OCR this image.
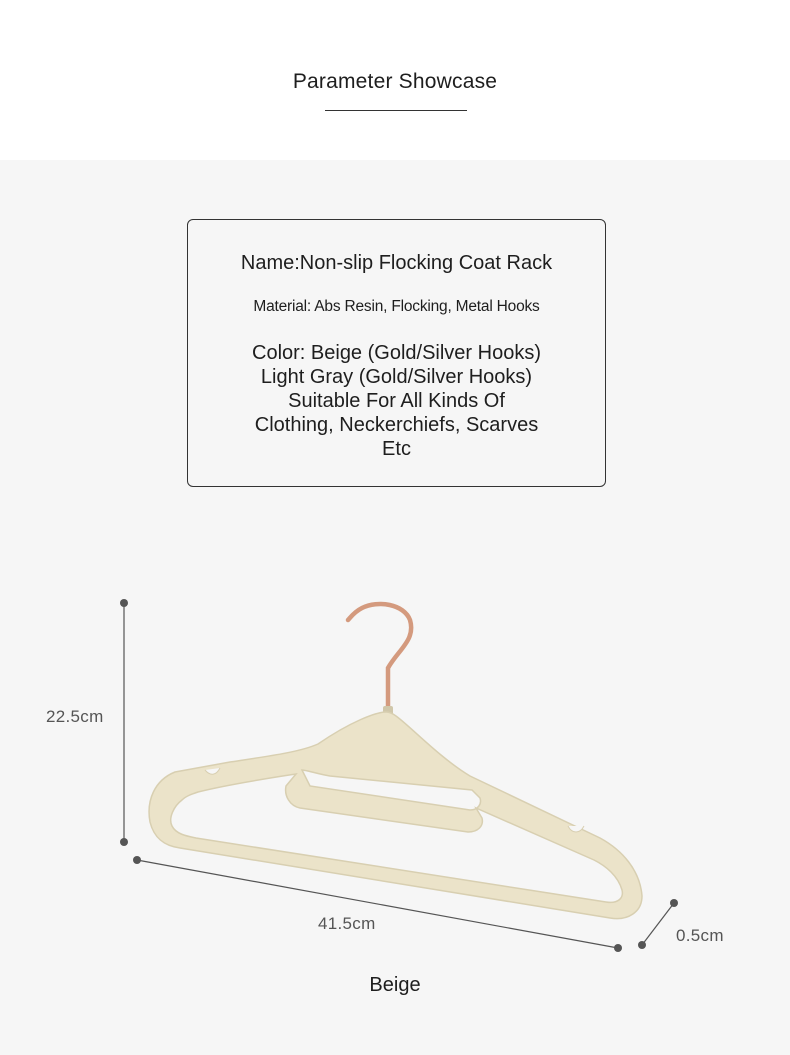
Parameter Showcase
Name:Non-slip Flocking Coat Rack
Material: Abs Resin, Flocking, Metal Hooks
Color: Beige (Gold/Silver Hooks)
Light Gray (Gold/Silver Hooks)
Suitable For All Kinds Of
Clothing, Neckerchiefs, Scarves
Etc
22.5cm
41.5cm
0.5cm
Beige
